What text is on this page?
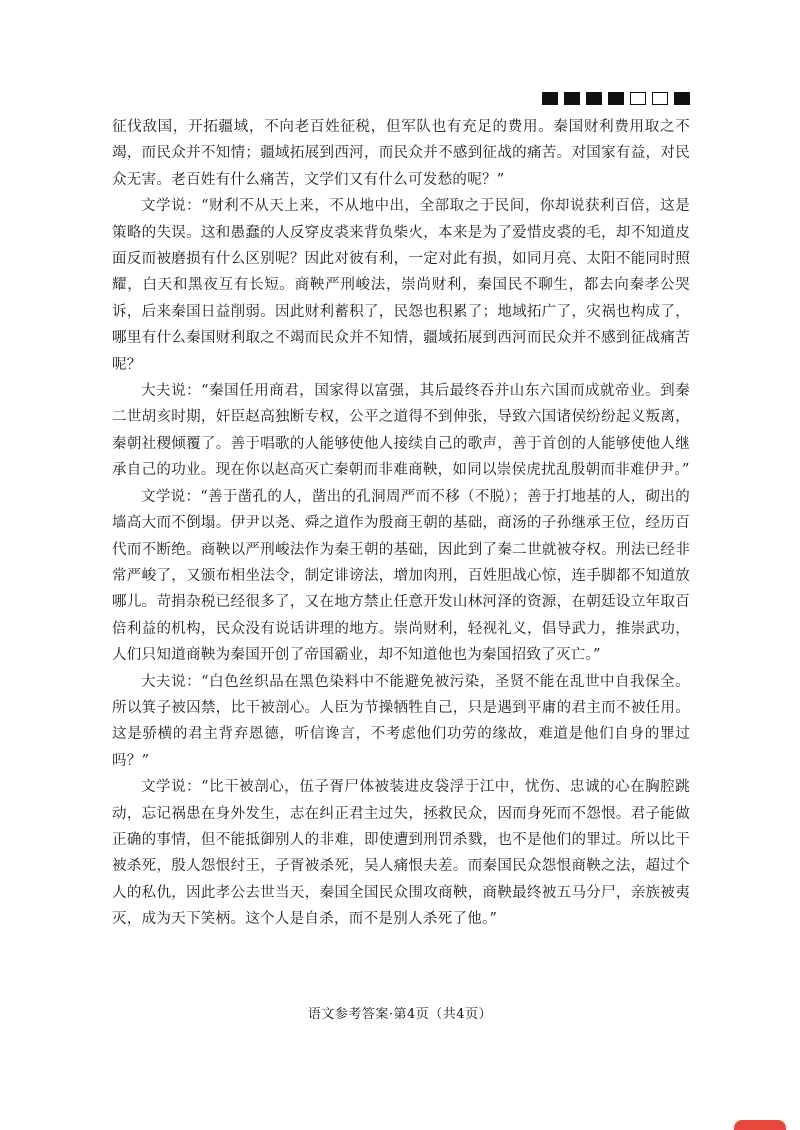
征伐敌国，开拓疆域，不向老百姓征税，但军队也有充足的费用。秦国财利费用取之不竭，而民众并不知情；疆域拓展到西河，而民众并不感到征战的痛苦。对国家有益，对民众无害。老百姓有什么痛苦，文学们又有什么可发愁的呢？”

文学说：“财利不从天上来，不从地中出，全部取之于民间，你却说获利百倍，这是策略的失误。这和愚蠢的人反穿皮裘来背负柴火，本来是为了爱惜皮裘的毛，却不知道皮面反而被磨损有什么区别呢？因此对彼有利，一定对此有损，如同月亮、太阳不能同时照耀，白天和黑夜互有长短。商鞅严刑峻法，崇尚财利，秦国民不聊生，都去向秦孝公哭诉，后来秦国日益削弱。因此财利蓄积了，民怨也积累了；地域拓广了，灾祸也构成了，哪里有什么秦国财利取之不竭而民众并不知情，疆域拓展到西河而民众并不感到征战痛苦呢？

大夫说：“秦国任用商君，国家得以富强，其后最终吞并山东六国而成就帝业。到秦二世胡亥时期，奸臣赵高独断专权，公平之道得不到伸张，导致六国诸侯纷纷起义叛离，秦朝社稷倾覆了。善于唱歌的人能够使他人接续自己的歌声，善于首创的人能够使他人继承自己的功业。现在你以赵高灭亡秦朝而非难商鞅，如同以崇侯虎扰乱殷朝而非难伊尹。”

文学说：“善于凿孔的人，凿出的孔洞周严而不移（不脱）；善于打地基的人，砌出的墙高大而不倒塌。伊尹以尧、舜之道作为殷商王朝的基础，商汤的子孙继承王位，经历百代而不断绝。商鞅以严刑峻法作为秦王朝的基础，因此到了秦二世就被夺权。刑法已经非常严峻了，又颁布相坐法令，制定诽谤法，增加肉刑，百姓胆战心惊，连手脚都不知道放哪儿。苛捐杂税已经很多了，又在地方禁止任意开发山林河泽的资源，在朝廷设立年取百倍利益的机构，民众没有说话讲理的地方。崇尚财利，轻视礼义，倡导武力，推崇武功，人们只知道商鞅为秦国开创了帝国霸业，却不知道他也为秦国招致了灭亡。”

大夫说：“白色丝织品在黑色染料中不能避免被污染，圣贤不能在乱世中自我保全。所以箕子被囚禁，比干被剖心。人臣为节操牺牲自己，只是遇到平庸的君主而不被任用。这是骄横的君主背弃恩德，听信谗言，不考虑他们功劳的缘故，难道是他们自身的罪过吗？”

文学说：“比干被剖心，伍子胥尸体被装进皮袋浮于江中，忧伤、忠诚的心在胸腔跳动，忘记祸患在身外发生，志在纠正君主过失，拯救民众，因而身死而不怨恨。君子能做正确的事情，但不能抵御别人的非难，即使遭到刑罚杀戮，也不是他们的罪过。所以比干被杀死，殷人怨恨纣王，子胥被杀死，吴人痛恨夫差。而秦国民众怨恨商鞅之法，超过个人的私仇，因此孝公去世当天，秦国全国民众围攻商鞅，商鞅最终被五马分尸，亲族被夷灭，成为天下笑柄。这个人是自杀，而不是别人杀死了他。”

语文参考答案·第4页（共4页）
